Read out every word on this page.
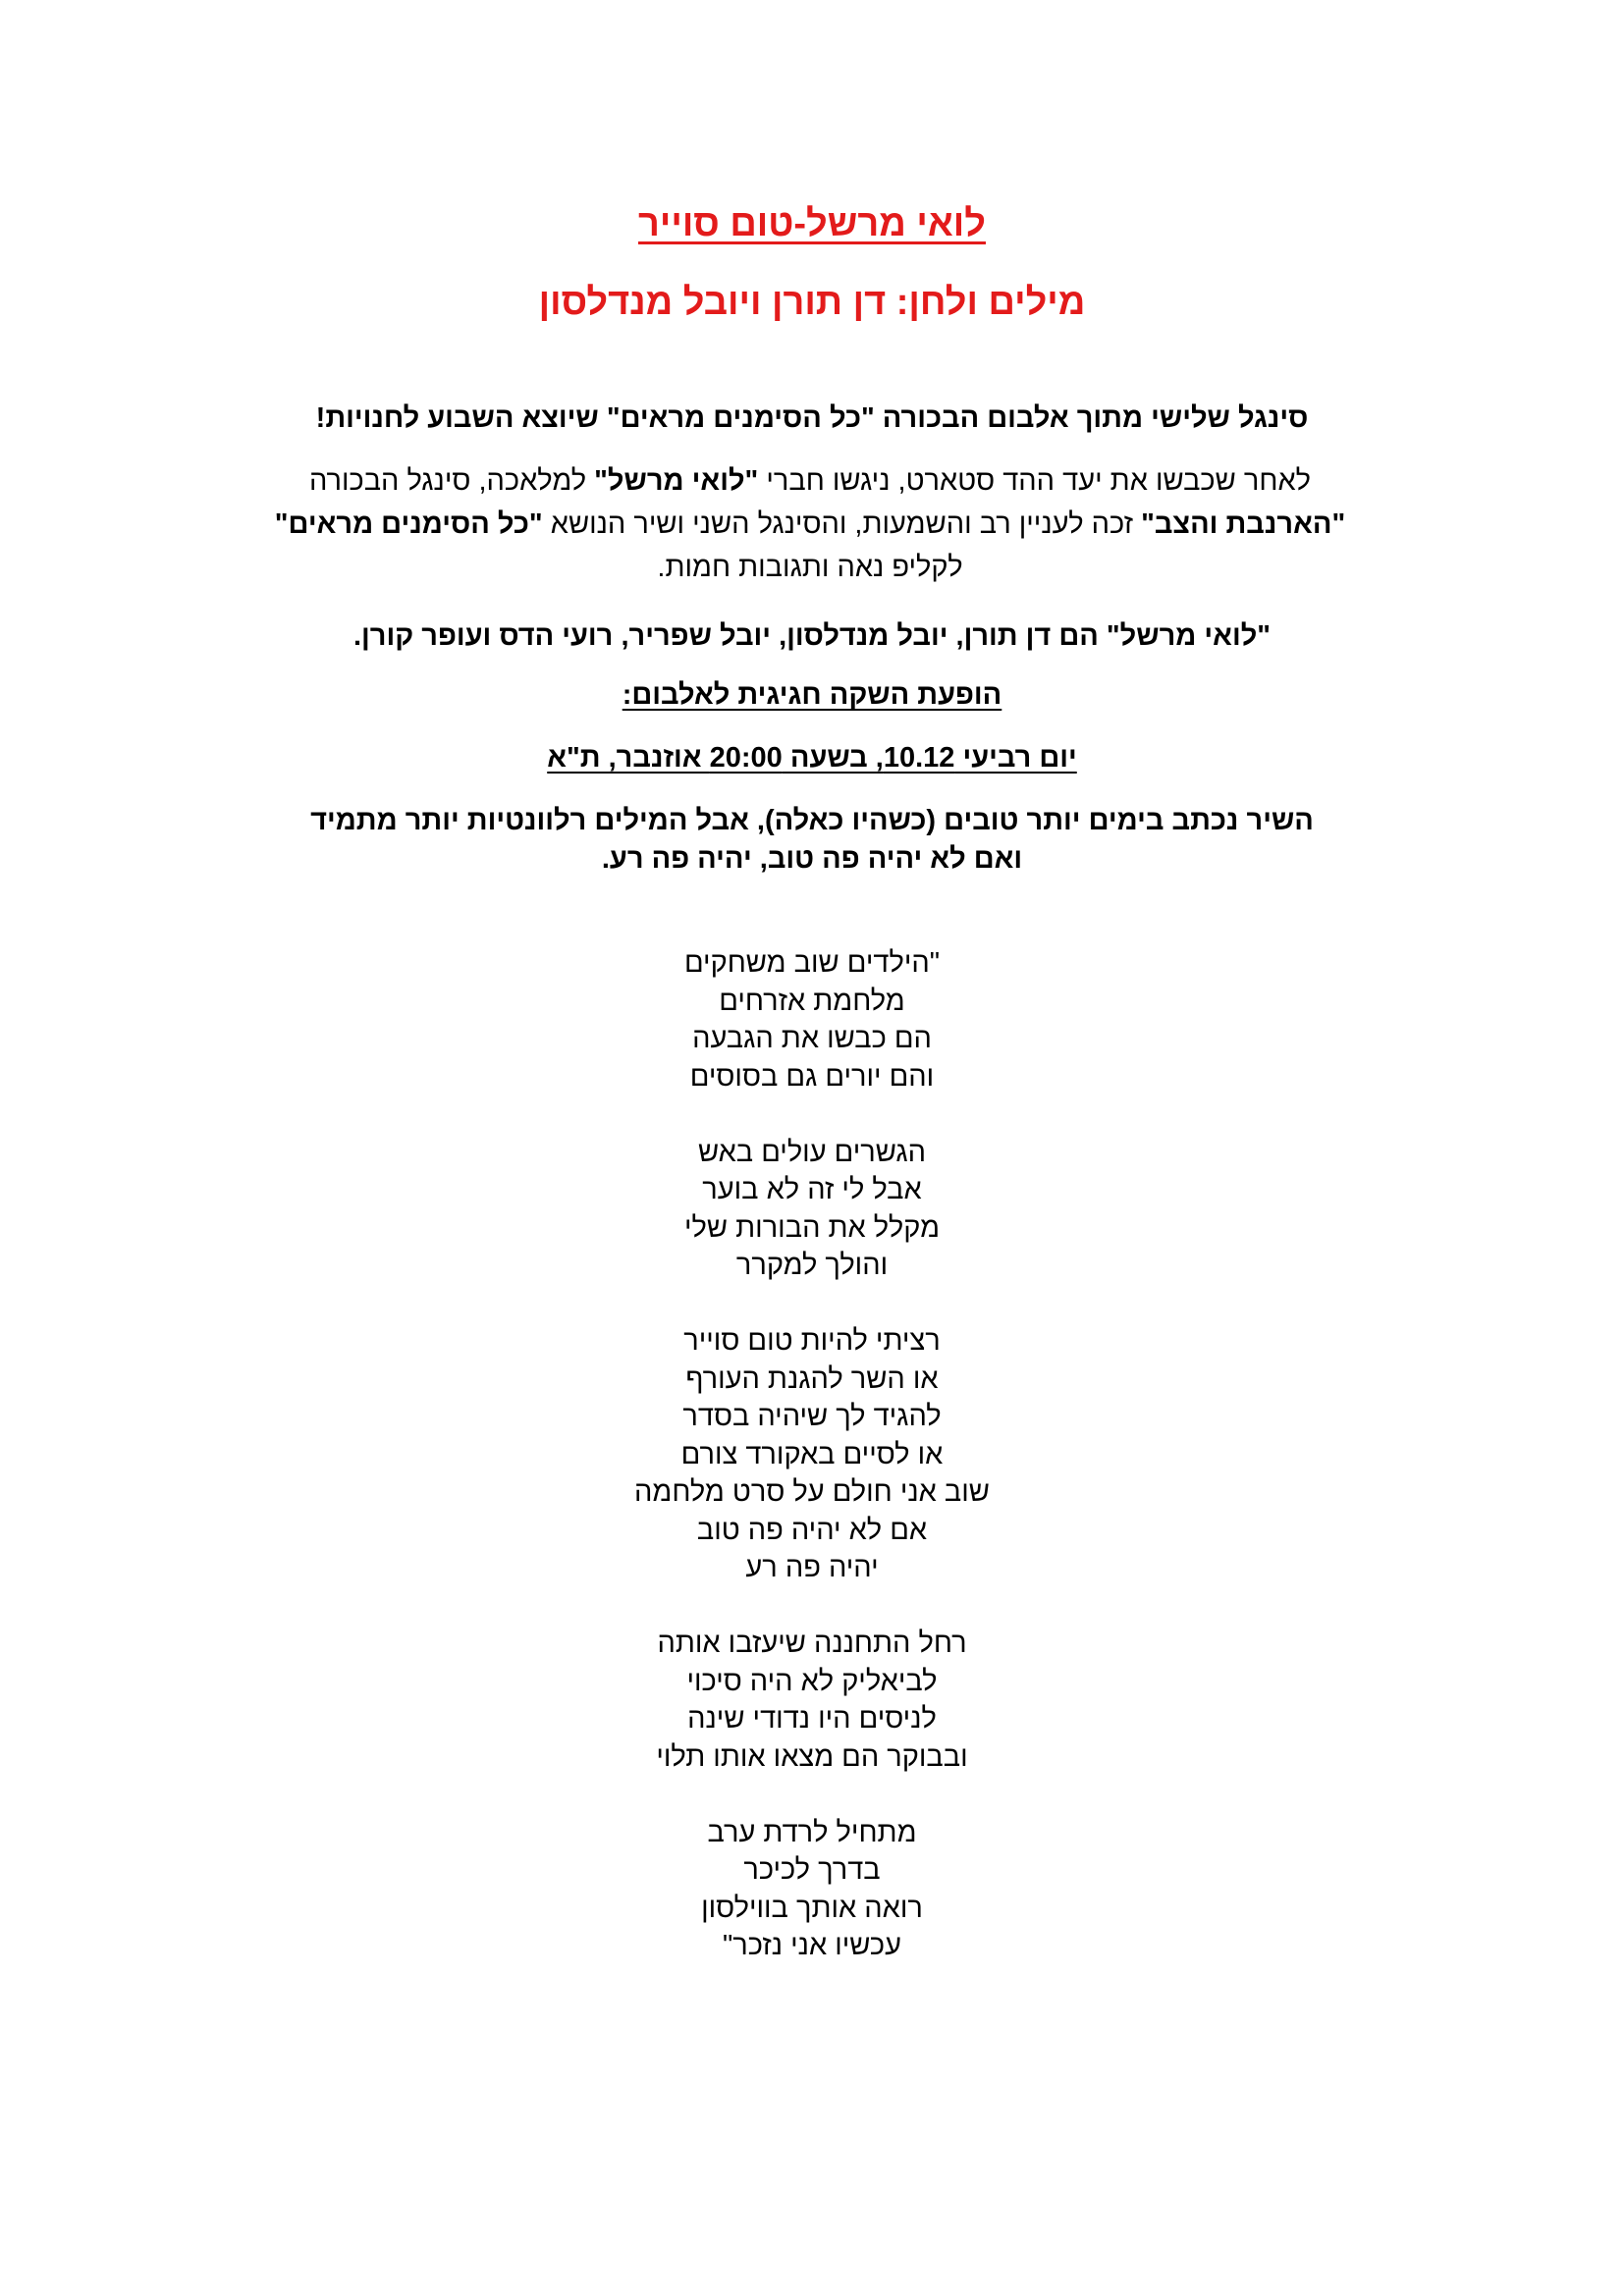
לואי מרשל-טום סוייר
מילים ולחן: דן תורן ויובל מנדלסון
סינגל שלישי מתוך אלבום הבכורה "כל הסימנים מראים" שיוצא השבוע לחנויות!
לאחר שכבשו את יעד ההד סטארט, ניגשו חברי "לואי מרשל" למלאכה, סינגל הבכורה "הארנבת והצב" זכה לעניין רב והשמעות, והסינגל השני ושיר הנושא "כל הסימנים מראים" לקליפ נאה ותגובות חמות.
"לואי מרשל" הם דן תורן, יובל מנדלסון, יובל שפריר, רועי הדס ועופר קורן.
הופעת השקה חגיגית לאלבום:
יום רביעי 10.12, בשעה 20:00 אוזנבר, ת"א
השיר נכתב בימים יותר טובים (כשהיו כאלה), אבל המילים רלוונטיות יותר מתמיד
ואם לא יהיה פה טוב, יהיה פה רע.
"הילדים שוב משחקים
מלחמת אזרחים
הם כבשו את הגבעה
והם יורים גם בסוסים
הגשרים עולים באש
אבל לי זה לא בוער
מקלל את הבורות שלי
והולך למקרר
רציתי להיות טום סוייר
או השר להגנת העורף
להגיד לך שיהיה בסדר
או לסיים באקורד צורם
שוב אני חולם על סרט מלחמה
אם לא יהיה פה טוב
יהיה פה רע
רחל התחננה שיעזבו אותה
לביאליק לא היה סיכוי
לניסים היו נדודי שינה
ובבוקר הם מצאו אותו תלוי
מתחיל לרדת ערב
בדרך לכיכר
רואה אותך בווילסון
עכשיו אני נזכר"
